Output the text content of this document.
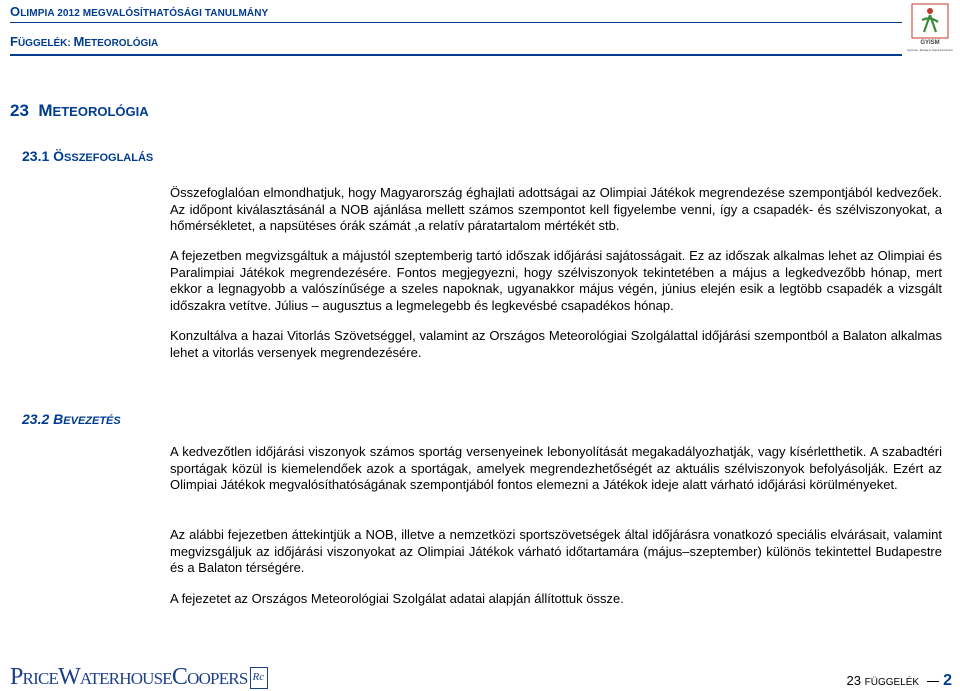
OLIMPIA 2012 MEGVALÓSÍTHATÓSÁGI TANULMÁNY
FÜGGELÉK: METEOROLÓGIA	GYISM
Gyermek-, Ifjúsági és Sportminisztérium
23 METEOROLÓGIA
23.1 ÖSSZEFOGLALÁS
Összefoglalóan elmondhatjuk, hogy Magyarország éghajlati adottságai az Olimpiai Játékok megrendezése szempontjából kedvezőek. Az időpont kiválasztásánál a NOB ajánlása mellett számos szempontot kell figyelembe venni, így a csapadék- és szélviszonyokat, a hőmérsékletet, a napsütéses órák számát ,a relatív páratartalom mértékét stb.
A fejezetben megvizsgáltuk a májustól szeptemberig tartó időszak időjárási sajátosságait. Ez az időszak alkalmas lehet az Olimpiai és Paralimpiai Játékok megrendezésére. Fontos megjegyezni, hogy szélviszonyok tekintetében a május a legkedvezőbb hónap, mert ekkor a legnagyobb a valószínűsége a szeles napoknak, ugyanakkor május végén, június elején esik a legtöbb csapadék a vizsgált időszakra vetítve. Július – augusztus a legmelegebb és legkevésbé csapadékos hónap.
Konzultálva a hazai Vitorlás Szövetséggel, valamint az Országos Meteorológiai Szolgálattal időjárási szempontból a Balaton alkalmas lehet a vitorlás versenyek megrendezésére.
23.2 BEVEZETÉS
A kedvezőtlen időjárási viszonyok számos sportág versenyeinek lebonyolítását megakadályozhatják, vagy kísérletthetik. A szabadtéri sportágak közül is kiemelendőek azok a sportágak, amelyek megrendezhetőségét az aktuális szélviszonyok befolyásolják. Ezért az Olimpiai Játékok megvalósíthatóságának szempontjából fontos elemezni a Játékok ideje alatt várható időjárási körülményeket.
Az alábbi fejezetben áttekintjük a NOB, illetve a nemzetközi sportszövetségek által időjárásra vonatkozó speciális elvárásait, valamint megvizsgáljuk az időjárási viszonyokat az Olimpiai Játékok várható időtartamára (május–szeptember) különös tekintettel Budapestre és a Balaton térségére.
A fejezetet az Országos Meteorológiai Szolgálat adatai alapján állítottuk össze.
PriceWaterhouseCoopers Rc	23 FÜGGELÉK 2
